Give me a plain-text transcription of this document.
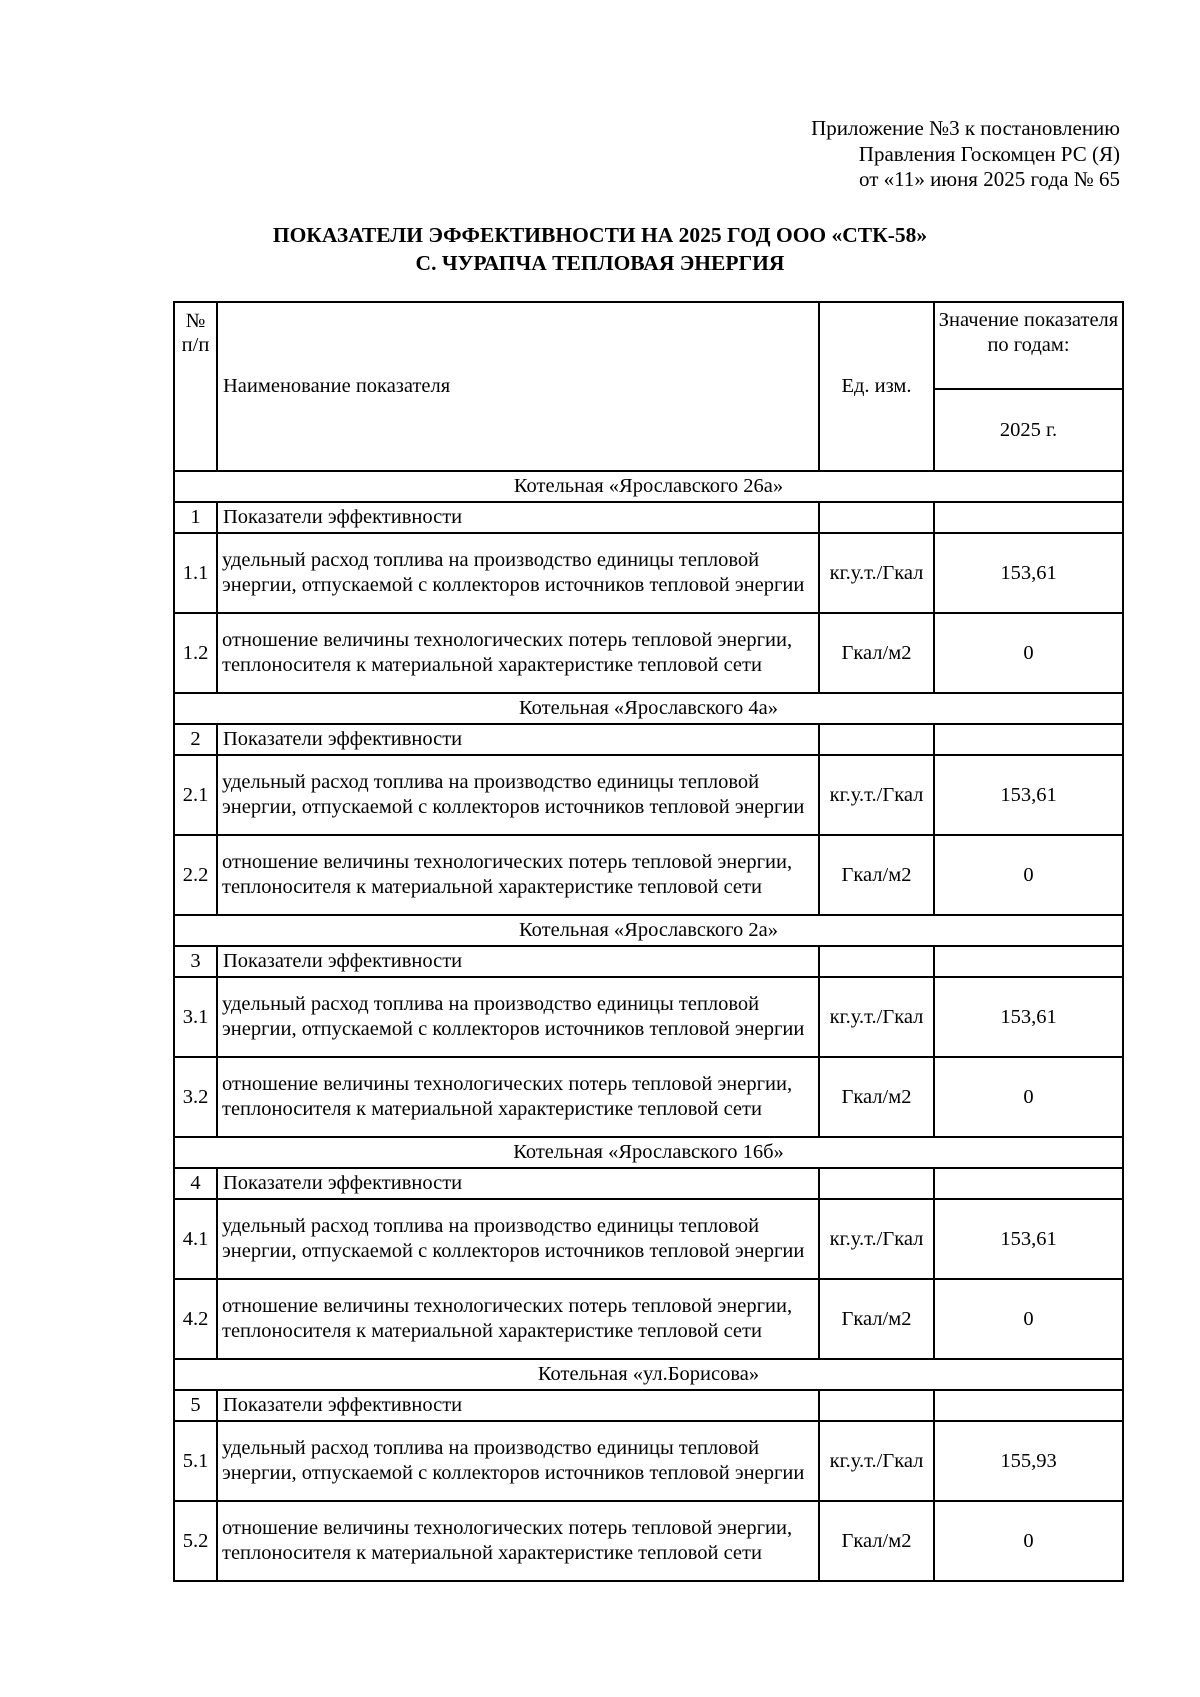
Приложение №3 к постановлению
Правления Госкомцен РС (Я)
от «11» июня 2025 года № 65
ПОКАЗАТЕЛИ ЭФФЕКТИВНОСТИ НА 2025 ГОД ООО «СТК-58»
С. ЧУРАПЧА ТЕПЛОВАЯ ЭНЕРГИЯ
№ п/п	Наименование показателя	Ед. изм.	Значение показателя по годам:
			2025 г.
Котельная «Ярославского 26а»			
1	Показатели эффективности		
1.1	удельный расход топлива на производство единицы тепловой энергии, отпускаемой с коллекторов источников тепловой энергии	кг.у.т./Гкал	153,61
1.2	отношение величины технологических потерь тепловой энергии, теплоносителя к материальной характеристике тепловой сети	Гкал/м2	0
Котельная «Ярославского 4а»			
2	Показатели эффективности		
2.1	удельный расход топлива на производство единицы тепловой энергии, отпускаемой с коллекторов источников тепловой энергии	кг.у.т./Гкал	153,61
2.2	отношение величины технологических потерь тепловой энергии, теплоносителя к материальной характеристике тепловой сети	Гкал/м2	0
Котельная «Ярославского 2а»			
3	Показатели эффективности		
3.1	удельный расход топлива на производство единицы тепловой энергии, отпускаемой с коллекторов источников тепловой энергии	кг.у.т./Гкал	153,61
3.2	отношение величины технологических потерь тепловой энергии, теплоносителя к материальной характеристике тепловой сети	Гкал/м2	0
Котельная «Ярославского 16б»			
4	Показатели эффективности		
4.1	удельный расход топлива на производство единицы тепловой энергии, отпускаемой с коллекторов источников тепловой энергии	кг.у.т./Гкал	153,61
4.2	отношение величины технологических потерь тепловой энергии, теплоносителя к материальной характеристике тепловой сети	Гкал/м2	0
Котельная «ул.Борисова»			
5	Показатели эффективности		
5.1	удельный расход топлива на производство единицы тепловой энергии, отпускаемой с коллекторов источников тепловой энергии	кг.у.т./Гкал	155,93
5.2	отношение величины технологических потерь тепловой энергии, теплоносителя к материальной характеристике тепловой сети	Гкал/м2	0
